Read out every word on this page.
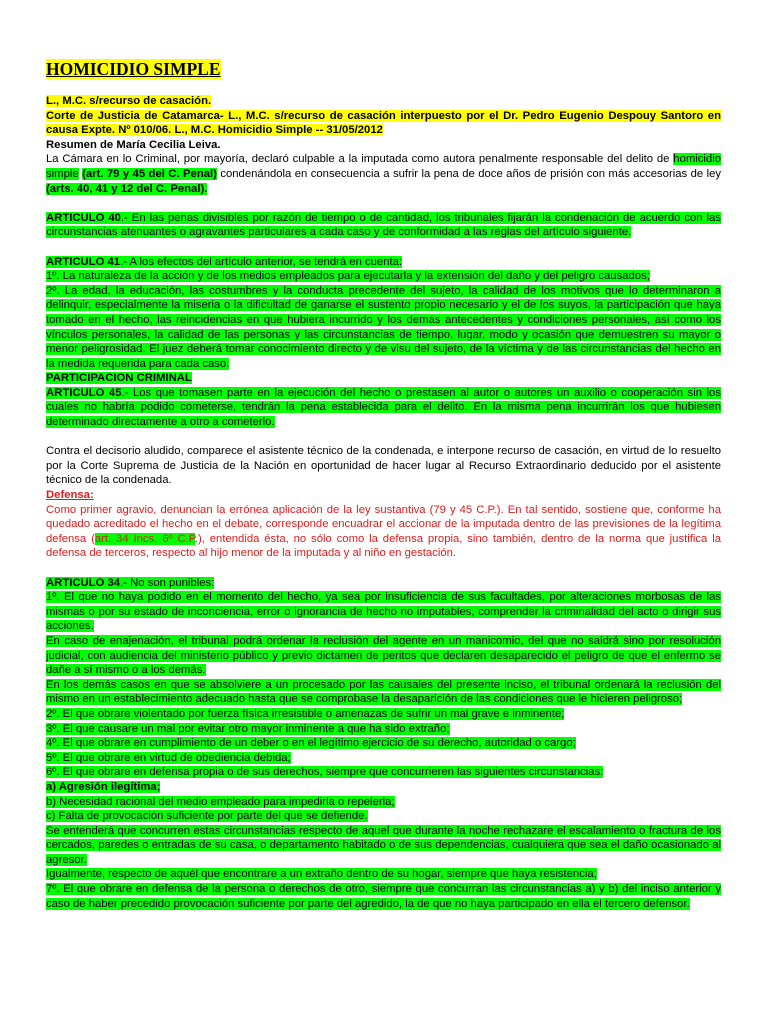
HOMICIDIO SIMPLE

L., M.C. s/recurso de casación.

Corte de Justicia de Catamarca- L., M.C. s/recurso de casación interpuesto por el Dr. Pedro Eugenio Despouy Santoro en causa Expte. Nº 010/06. L., M.C. Homicidio Simple -- 31/05/2012

Resumen de María Cecilia Leiva.

La Cámara en lo Criminal, por mayoría, declaró culpable a la imputada como autora penalmente responsable del delito de homicidio simple (art. 79 y 45 del C. Penal) condenándola en consecuencia a sufrir la pena de doce años de prisión con más accesorias de ley (arts. 40, 41 y 12 del C. Penal).

ARTICULO 40.- En las penas divisibles por razón de tiempo o de cantidad, los tribunales fijarán la condenación de acuerdo con las circunstancias atenuantes o agravantes particulares a cada caso y de conformidad a las reglas del artículo siguiente.

ARTICULO 41.- A los efectos del artículo anterior, se tendrá en cuenta:

1º. La naturaleza de la acción y de los medios empleados para ejecutarla y la extensión del daño y del peligro causados;

2º. La edad, la educación, las costumbres y la conducta precedente del sujeto, la calidad de los motivos que lo determinaron a delinquir, especialmente la miseria o la dificultad de ganarse el sustento propio necesario y el de los suyos, la participación que haya tomado en el hecho, las reincidencias en que hubiera incurrido y los demás antecedentes y condiciones personales, así como los vínculos personales, la calidad de las personas y las circunstancias de tiempo, lugar, modo y ocasión que demuestren su mayor o menor peligrosidad. El juez deberá tomar conocimiento directo y de visu del sujeto, de la víctima y de las circunstancias del hecho en la medida requerida para cada caso.

PARTICIPACION CRIMINAL

ARTICULO 45.- Los que tomasen parte en la ejecución del hecho o prestasen al autor o autores un auxilio o cooperación sin los cuales no habría podido cometerse, tendrán la pena establecida para el delito. En la misma pena incurrirán los que hubiesen determinado directamente a otro a cometerlo.

Contra el decisorio aludido, comparece el asistente técnico de la condenada, e interpone recurso de casación, en virtud de lo resuelto por la Corte Suprema de Justicia de la Nación en oportunidad de hacer lugar al Recurso Extraordinario deducido por el asistente técnico de la condenada.

Defensa:

Como primer agravio, denuncian la errónea aplicación de la ley sustantiva (79 y 45 C.P.). En tal sentido, sostiene que, conforme ha quedado acreditado el hecho en el debate, corresponde encuadrar el accionar de la imputada dentro de las previsiones de la legítima defensa (art. 34 Incs. 6º C.P.), entendida ésta, no sólo como la defensa propia, sino también, dentro de la norma que justifica la defensa de terceros, respecto al hijo menor de la imputada y al niño en gestación.

ARTICULO 34.- No son punibles:

1º. El que no haya podido en el momento del hecho, ya sea por insuficiencia de sus facultades, por alteraciones morbosas de las mismas o por su estado de inconciencia, error o ignorancia de hecho no imputables, comprender la criminalidad del acto o dirigir sus acciones.

En caso de enajenación, el tribunal podrá ordenar la reclusión del agente en un manicomio, del que no saldrá sino por resolución judicial, con audiencia del ministerio público y previo dictamen de peritos que declaren desaparecido el peligro de que el enfermo se dañe a sí mismo o a los demás.

En los demás casos en que se absolviere a un procesado por las causales del presente inciso, el tribunal ordenará la reclusión del mismo en un establecimiento adecuado hasta que se comprobase la desaparición de las condiciones que le hicieren peligroso;

2º. El que obrare violentado por fuerza física irresistible o amenazas de sufrir un mal grave e inminente;

3º. El que causare un mal por evitar otro mayor inminente a que ha sido extraño;

4º. El que obrare en cumplimiento de un deber o en el legítimo ejercicio de su derecho, autoridad o cargo;

5º. El que obrare en virtud de obediencia debida;

6º. El que obrare en defensa propia o de sus derechos, siempre que concurrieren las siguientes circunstancias:

a) Agresión ilegítima;

b) Necesidad racional del medio empleado para impedirla o repelerla;

c) Falta de provocación suficiente por parte del que se defiende.

Se entenderá que concurren estas circunstancias respecto de aquel que durante la noche rechazare el escalamiento o fractura de los cercados, paredes o entradas de su casa, o departamento habitado o de sus dependencias, cualquiera que sea el daño ocasionado al agresor.

Igualmente, respecto de aquél que encontrare a un extraño dentro de su hogar, siempre que haya resistencia;

7º. El que obrare en defensa de la persona o derechos de otro, siempre que concurran las circunstancias a) y b) del inciso anterior y caso de haber precedido provocación suficiente por parte del agredido, la de que no haya participado en ella el tercero defensor.
